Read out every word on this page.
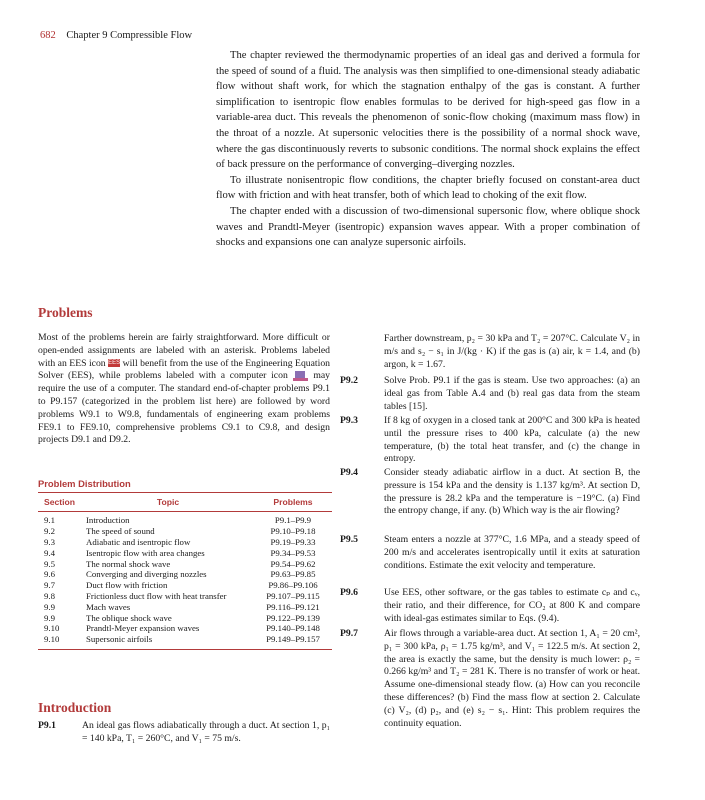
682 Chapter 9 Compressible Flow

The chapter reviewed the thermodynamic properties of an ideal gas and derived a formula for the speed of sound of a fluid. The analysis was then simplified to one-dimensional steady adiabatic flow without shaft work, for which the stagnation enthalpy of the gas is constant. A further simplification to isentropic flow enables formulas to be derived for high-speed gas flow in a variable-area duct. This reveals the phenomenon of sonic-flow choking (maximum mass flow) in the throat of a nozzle. At supersonic velocities there is the possibility of a normal shock wave, where the gas discontinuously reverts to subsonic conditions. The normal shock explains the effect of back pressure on the performance of converging–diverging nozzles.

To illustrate nonisentropic flow conditions, the chapter briefly focused on constant-area duct flow with friction and with heat transfer, both of which lead to choking of the exit flow.

The chapter ended with a discussion of two-dimensional supersonic flow, where oblique shock waves and Prandtl-Meyer (isentropic) expansion waves appear. With a proper combination of shocks and expansions one can analyze supersonic airfoils.

Problems
Most of the problems herein are fairly straightforward. More difficult or open-ended assignments are labeled with an asterisk. Problems labeled with an EES icon EES will benefit from the use of the Engineering Equation Solver (EES), while problems labeled with a computer icon	may require the use of a computer. The standard end-of-chapter problems P9.1 to P9.157 (categorized in the problem list here) are followed by word problems W9.1 to W9.8, fundamentals of engineering exam problems FE9.1 to FE9.10, comprehensive problems C9.1 to C9.8, and design projects D9.1 and D9.2.
Problem Distribution
Section	Topic	Problems
9.1	Introduction	P9.1–P9.9
9.2	The speed of sound	P9.10–P9.18
9.3	Adiabatic and isentropic flow	P9.19–P9.33
9.4	Isentropic flow with area changes	P9.34–P9.53
9.5	The normal shock wave	P9.54–P9.62
9.6	Converging and diverging nozzles	P9.63–P9.85
9.7	Duct flow with friction	P9.86–P9.106
9.8	Frictionless duct flow with heat transfer	P9.107–P9.115
9.9	Mach waves	P9.116–P9.121
9.9	The oblique shock wave	P9.122–P9.139
9.10	Prandtl-Meyer expansion waves	P9.140–P9.148
9.10	Supersonic airfoils	P9.149–P9.157
Introduction
P9.1	An ideal gas flows adiabatically through a duct. At section 1, p₁ = 140 kPa, T₁ = 260°C, and V₁ = 75 m/s.
Farther downstream, p₂ = 30 kPa and T₂ = 207°C. Calculate V₂ in m/s and s₂ − s₁ in J/(kg · K) if the gas is (a) air, k = 1.4, and (b) argon, k = 1.67.
P9.2	Solve Prob. P9.1 if the gas is steam. Use two approaches: (a) an ideal gas from Table A.4 and (b) real gas data from the steam tables [15].
P9.3	If 8 kg of oxygen in a closed tank at 200°C and 300 kPa is heated until the pressure rises to 400 kPa, calculate (a) the new temperature, (b) the total heat transfer, and (c) the change in entropy.
P9.4	Consider steady adiabatic airflow in a duct. At section B, the pressure is 154 kPa and the density is 1.137 kg/m³. At section D, the pressure is 28.2 kPa and the temperature is −19°C. (a) Find the entropy change, if any. (b) Which way is the air flowing?
P9.5	Steam enters a nozzle at 377°C, 1.6 MPa, and a steady speed of 200 m/s and accelerates isentropically until it exits at saturation conditions. Estimate the exit velocity and temperature.
P9.6	Use EES, other software, or the gas tables to estimate cₚ and cᵥ, their ratio, and their difference, for CO₂ at 800 K and compare with ideal-gas estimates similar to Eqs. (9.4).
P9.7	Air flows through a variable-area duct. At section 1, A₁ = 20 cm², p₁ = 300 kPa, ρ₁ = 1.75 kg/m³, and V₁ = 122.5 m/s. At section 2, the area is exactly the same, but the density is much lower: ρ₂ = 0.266 kg/m³ and T₂ = 281 K. There is no transfer of work or heat. Assume one-dimensional steady flow. (a) How can you reconcile these differences? (b) Find the mass flow at section 2. Calculate (c) V₂, (d) p₂, and (e) s₂ − s₁. Hint: This problem requires the continuity equation.
